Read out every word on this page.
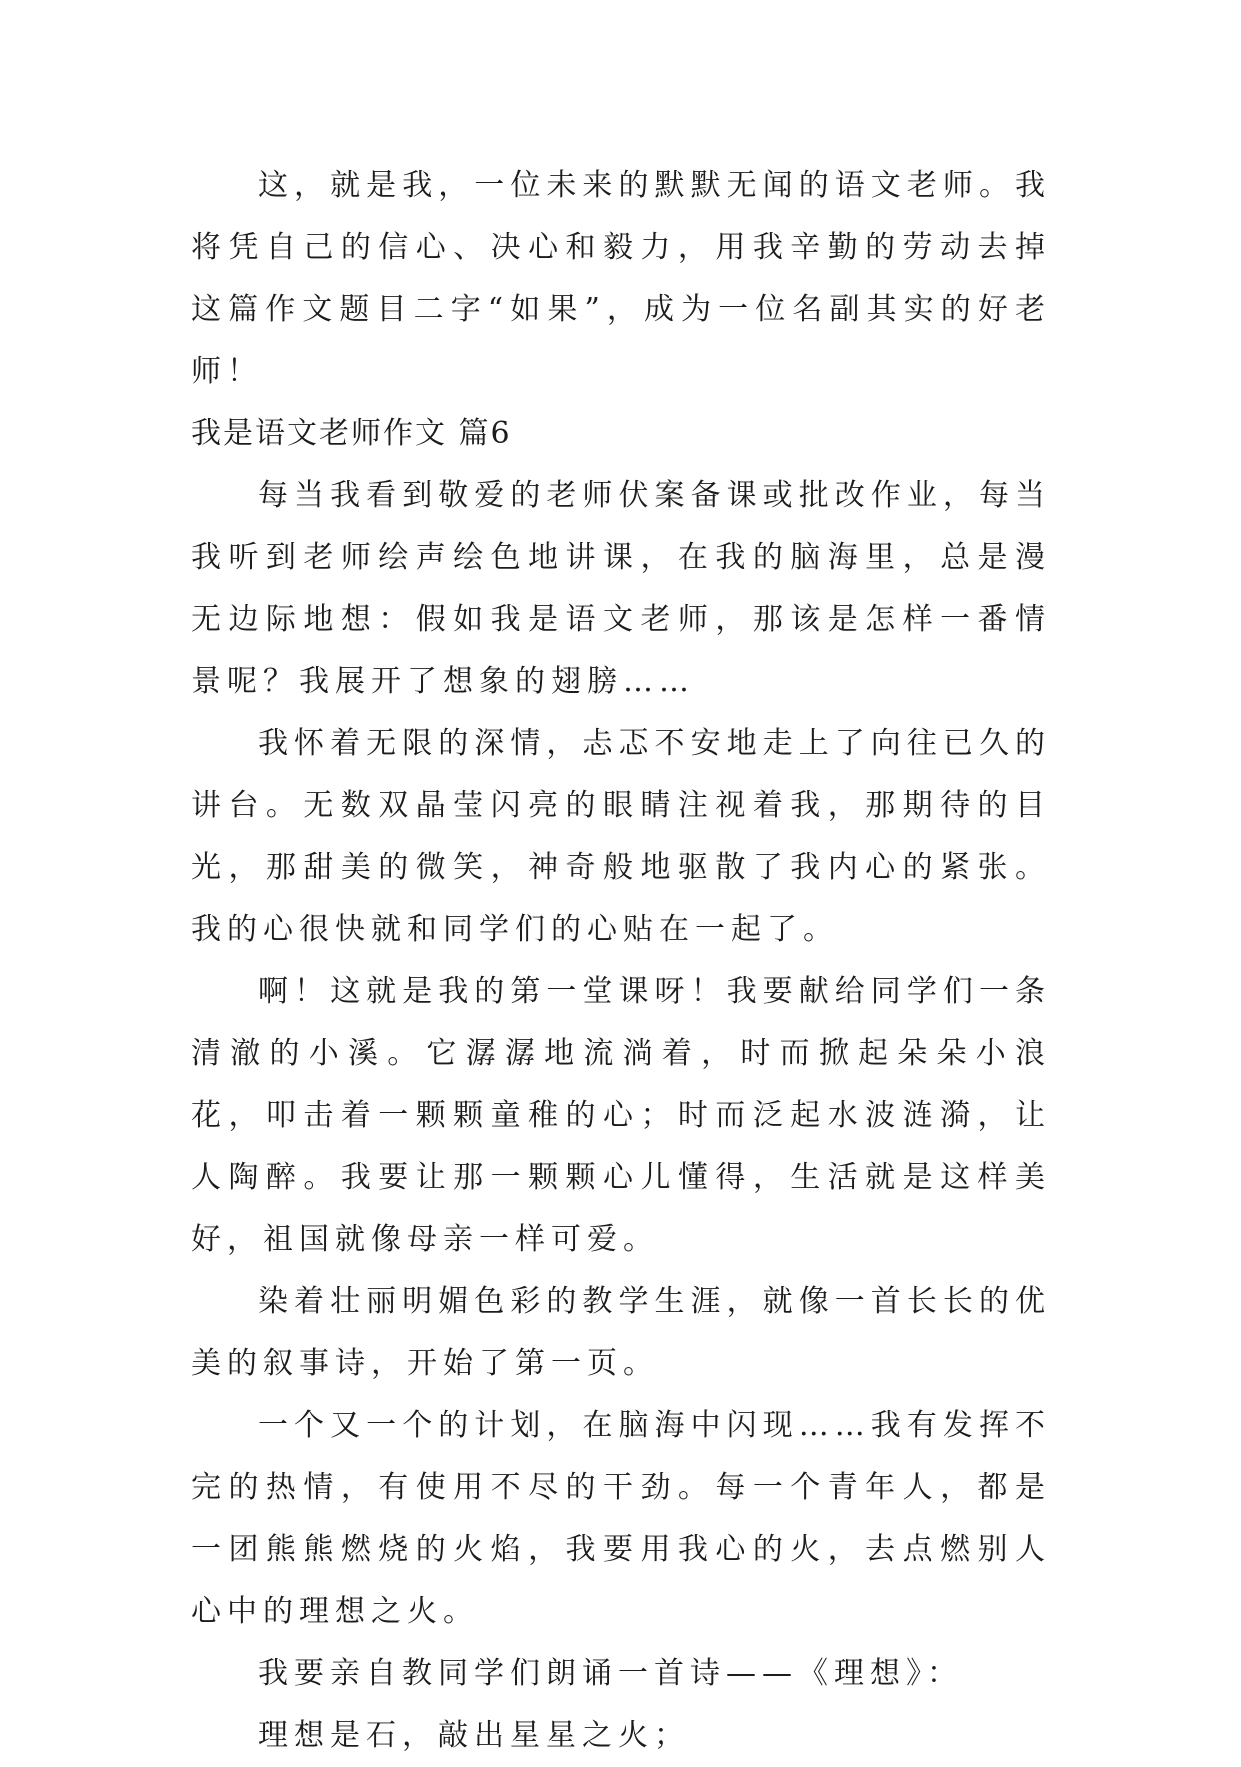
这，就是我，一位未来的默默无闻的语文老师。我将凭自己的信心、决心和毅力，用我辛勤的劳动去掉这篇作文题目二字“如果”，成为一位名副其实的好老师！

我是语文老师作文 篇6

每当我看到敬爱的老师伏案备课或批改作业，每当我听到老师绘声绘色地讲课，在我的脑海里，总是漫无边际地想：假如我是语文老师，那该是怎样一番情景呢？我展开了想象的翅膀……

我怀着无限的深情，忐忑不安地走上了向往已久的讲台。无数双晶莹闪亮的眼睛注视着我，那期待的目光，那甜美的微笑，神奇般地驱散了我内心的紧张。我的心很快就和同学们的心贴在一起了。

啊！这就是我的第一堂课呀！我要献给同学们一条清澈的小溪。它潺潺地流淌着，时而掀起朵朵小浪花，叩击着一颗颗童稚的心；时而泛起水波涟漪，让人陶醉。我要让那一颗颗心儿懂得，生活就是这样美好，祖国就像母亲一样可爱。

染着壮丽明媚色彩的教学生涯，就像一首长长的优美的叙事诗，开始了第一页。

一个又一个的计划，在脑海中闪现……我有发挥不完的热情，有使用不尽的干劲。每一个青年人，都是一团熊熊燃烧的火焰，我要用我心的火，去点燃别人心中的理想之火。

我要亲自教同学们朗诵一首诗——《理想》：

理想是石，敲出星星之火；
